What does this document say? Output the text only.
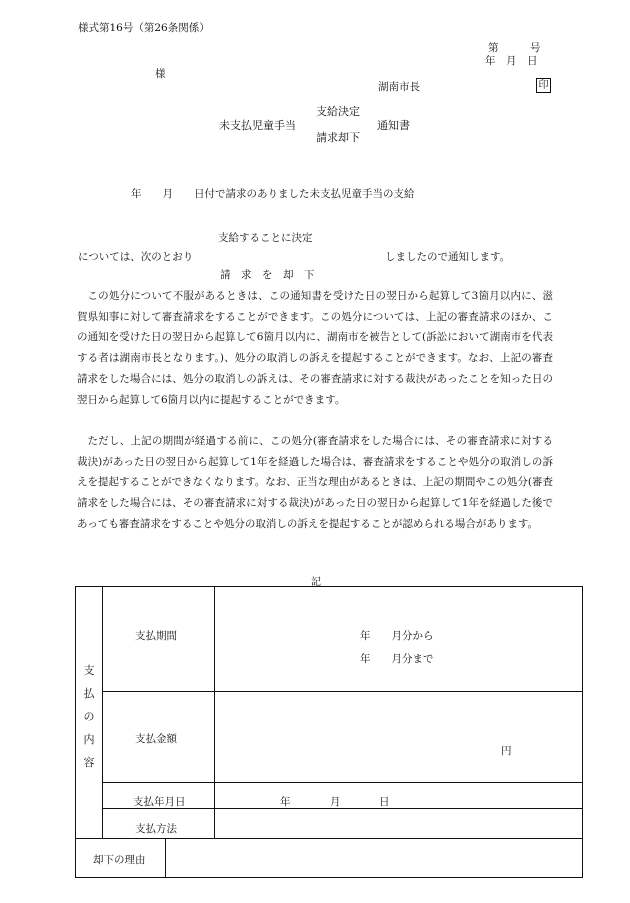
様式第16号（第26条関係）
第　　　号
年　月　日
様
湖南市長	印
未支払児童手当
支給決定
請求却下
通知書
年　　月　　日付で請求のありました未支払児童手当の支給
支給することに決定
については、次のとおり	しましたので通知します。
請　求　を　却　下
この処分について不服があるときは、この通知書を受けた日の翌日から起算して3箇月以内に、滋賀県知事に対して審査請求をすることができます。この処分については、上記の審査請求のほか、この通知を受けた日の翌日から起算して6箇月以内に、湖南市を被告として(訴訟において湖南市を代表する者は湖南市長となります。)、処分の取消しの訴えを提起することができます。なお、上記の審査請求をした場合には、処分の取消しの訴えは、その審査請求に対する裁決があったことを知った日の翌日から起算して6箇月以内に提起することができます。
ただし、上記の期間が経過する前に、この処分(審査請求をした場合には、その審査請求に対する裁決)があった日の翌日から起算して1年を経過した場合は、審査請求をすることや処分の取消しの訴えを提起することができなくなります。なお、正当な理由があるときは、上記の期間やこの処分(審査請求をした場合には、その審査請求に対する裁決)があった日の翌日から起算して1年を経過した後であっても審査請求をすることや処分の取消しの訴えを提起することが認められる場合があります。
記
支払の内容
支払期間	年　　月分から
年　　月分まで
支払金額
円
支払年月日	年	月	日
支払方法
却下の理由
